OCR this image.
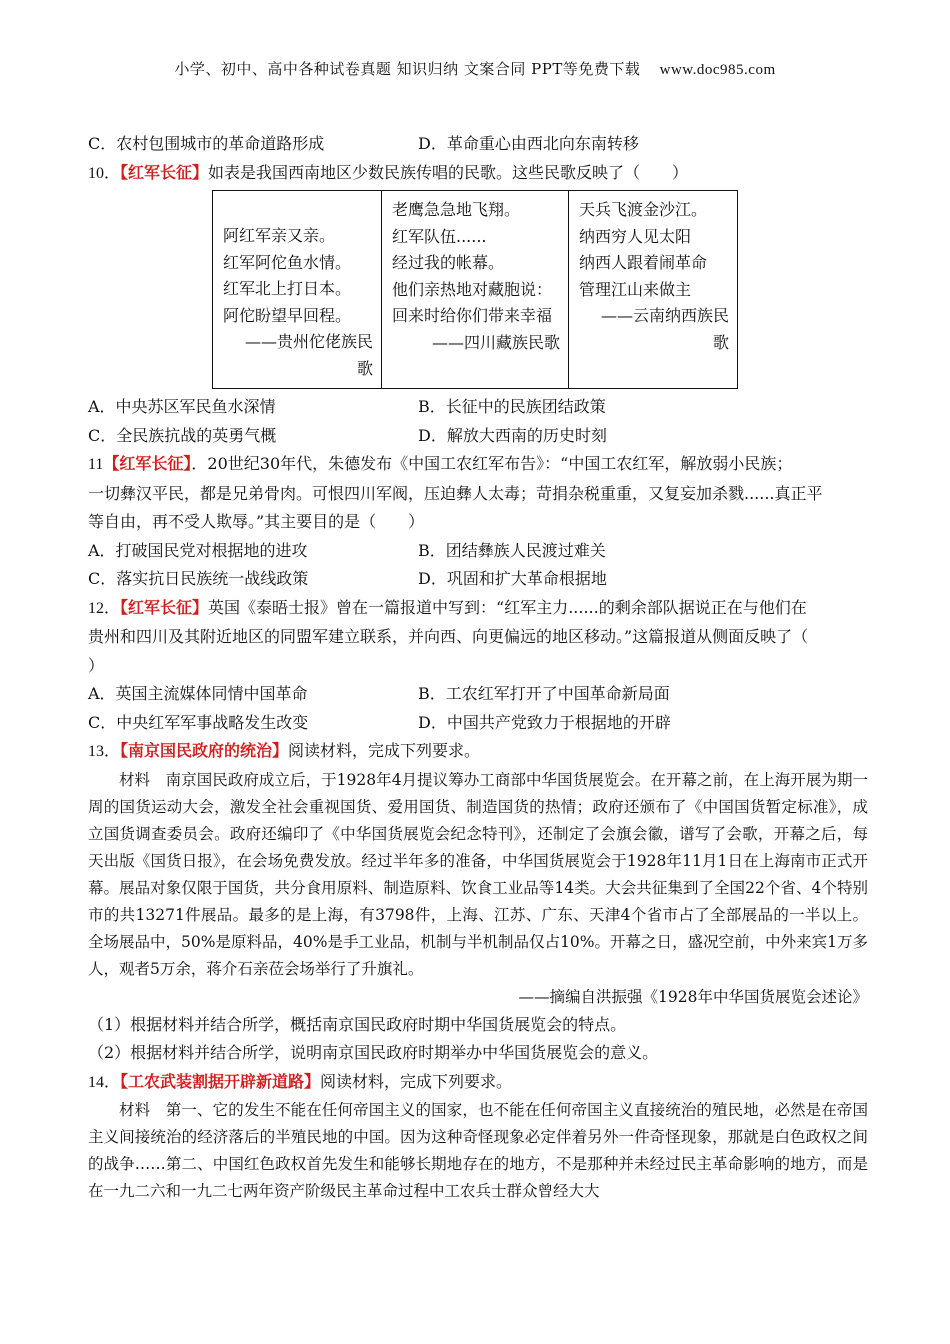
小学、初中、高中各种试卷真题 知识归纳 文案合同 PPT等免费下载 www.doc985.com
C．农村包围城市的革命道路形成	D．革命重心由西北向东南转移
10．【红军长征】如表是我国西南地区少数民族传唱的民歌。这些民歌反映了（　　）
阿红军亲又亲。
红军阿佗鱼水情。
红军北上打日本。
阿佗盼望早回程。
——贵州佗佬族民
歌

老鹰急急地飞翔。
红军队伍......
经过我的帐幕。
他们亲热地对藏胞说：
回来时给你们带来幸福
——四川藏族民歌

天兵飞渡金沙江。
纳西穷人见太阳
纳西人跟着闹革命
管理江山来做主
——云南纳西族民
歌
A．中央苏区军民鱼水深情	B．长征中的民族团结政策
C．全民族抗战的英勇气概	D．解放大西南的历史时刻
11【红军长征】．20世纪30年代，朱德发布《中国工农红军布告》：“中国工农红军，解放弱小民族；
一切彝汉平民，都是兄弟骨肉。可恨四川军阀，压迫彝人太毒；苛捐杂税重重，又复妄加杀戮......真正平
等自由，再不受人欺辱。”其主要目的是（　　）
A．打破国民党对根据地的进攻	B．团结彝族人民渡过难关
C．落实抗日民族统一战线政策	D．巩固和扩大革命根据地
12．【红军长征】英国《泰晤士报》曾在一篇报道中写到：“红军主力......的剩余部队据说正在与他们在
贵州和四川及其附近地区的同盟军建立联系，并向西、向更偏远的地区移动。”这篇报道从侧面反映了（
）
A．英国主流媒体同情中国革命	B．工农红军打开了中国革命新局面
C．中央红军军事战略发生改变	D．中国共产党致力于根据地的开辟
13．【南京国民政府的统治】阅读材料，完成下列要求。
材料　南京国民政府成立后，于1928年4月提议筹办工商部中华国货展览会。在开幕之前，在上海开展为期一周的国货运动大会，激发全社会重视国货、爱用国货、制造国货的热情；政府还颁布了《中国国货暂定标准》，成立国货调查委员会。政府还编印了《中华国货展览会纪念特刊》，还制定了会旗会徽，谱写了会歌，开幕之后，每天出版《国货日报》，在会场免费发放。经过半年多的准备，中华国货展览会于1928年11月1日在上海南市正式开幕。展品对象仅限于国货，共分食用原料、制造原料、饮食工业品等14类。大会共征集到了全国22个省、4个特别市的共13271件展品。最多的是上海，有3798件，上海、江苏、广东、天津4个省市占了全部展品的一半以上。全场展品中，50%是原料品，40%是手工业品，机制与半机制品仅占10%。开幕之日，盛况空前，中外来宾1万多人，观者5万余，蒋介石亲莅会场举行了升旗礼。
——摘编自洪振强《1928年中华国货展览会述论》
（1）根据材料并结合所学，概括南京国民政府时期中华国货展览会的特点。
（2）根据材料并结合所学，说明南京国民政府时期举办中华国货展览会的意义。
14．【工农武装割据开辟新道路】阅读材料，完成下列要求。
材料　第一、它的发生不能在任何帝国主义的国家，也不能在任何帝国主义直接统治的殖民地，必然是在帝国主义间接统治的经济落后的半殖民地的中国。因为这种奇怪现象必定伴着另外一件奇怪现象，那就是白色政权之间的战争……第二、中国红色政权首先发生和能够长期地存在的地方，不是那种并未经过民主革命影响的地方，而是在一九二六和一九二七两年资产阶级民主革命过程中工农兵士群众曾经大大
